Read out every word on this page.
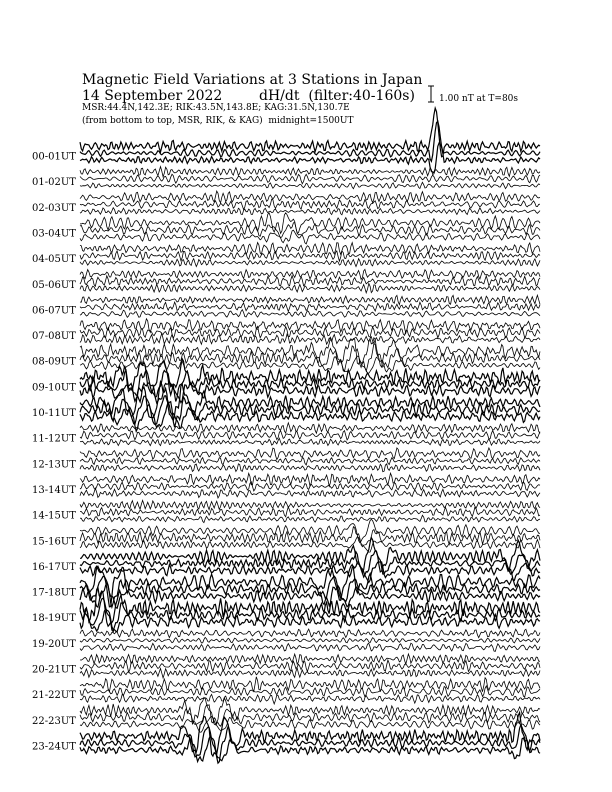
Magnetic Field Variations at 3 Stations in Japan
14 September 2022	dH/dt (filter:40-160s)
MSR:44.4N,142.3E; RIK:43.5N,143.8E; KAG:31.5N,130.7E
(from bottom to top, MSR, RIK, & KAG) midnight=1500UT
1.00 nT at T=80s
00-01UT
01-02UT
02-03UT
03-04UT
04-05UT
05-06UT
06-07UT
07-08UT
08-09UT
09-10UT
10-11UT
11-12UT
12-13UT
13-14UT
14-15UT
15-16UT
16-17UT
17-18UT
18-19UT
19-20UT
20-21UT
21-22UT
22-23UT
23-24UT
